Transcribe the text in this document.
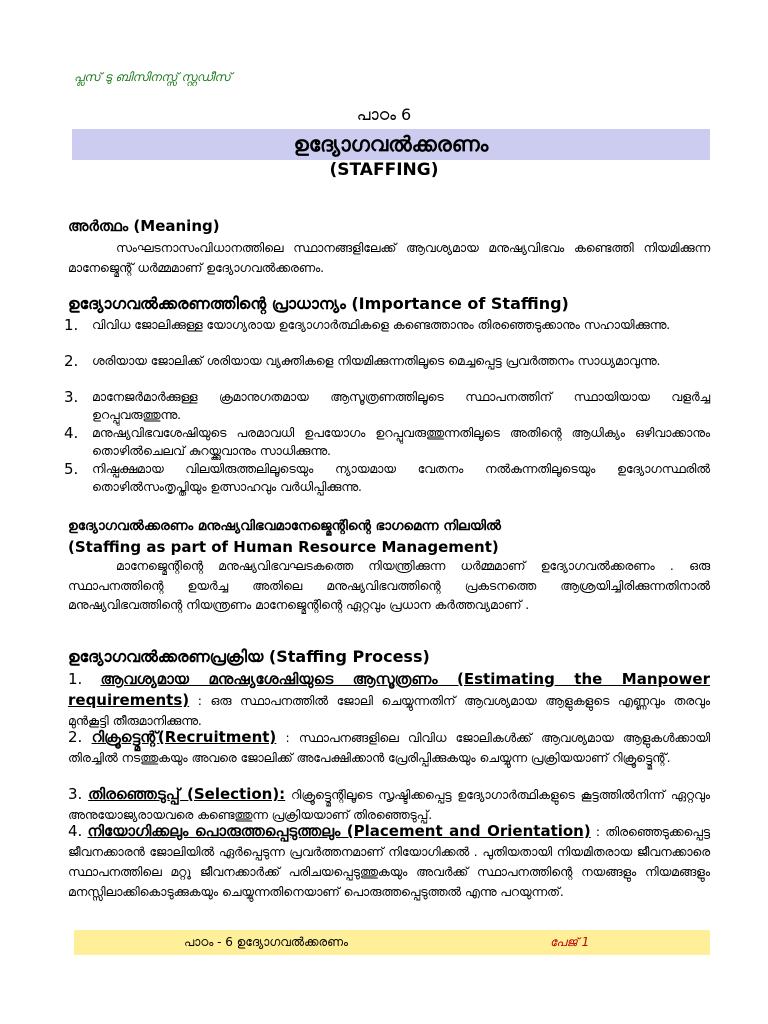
പ്ലസ് ടു ബിസിനസ്സ് സ്റ്റഡീസ്
പാഠം 6
ഉദ്യോഗവൽക്കരണം
(STAFFING)
അർത്ഥം (Meaning)
സംഘടനാസംവിധാനത്തിലെ സ്ഥാനങ്ങളിലേക്ക് ആവശ്യമായ മനുഷ്യവിഭവം കണ്ടെത്തി നിയമിക്കുന്ന മാനേജ്മെന്റ് ധർമ്മമാണ് ഉദ്യോഗവൽക്കരണം.
ഉദ്യോഗവൽക്കരണത്തിന്റെ പ്രാധാന്യം (Importance of Staffing)
1. വിവിധ ജോലിക്കുള്ള യോഗ്യരായ ഉദ്യോഗാർത്ഥികളെ കണ്ടെത്താനും തിരഞ്ഞെടുക്കാനും സഹായിക്കുന്നു.
2. ശരിയായ ജോലിക്ക് ശരിയായ വ്യക്തികളെ നിയമിക്കുന്നതിലൂടെ മെച്ചപ്പെട്ട പ്രവർത്തനം സാധ്യമാവുന്നു.
3. മാനേജർമാർക്കുള്ള ക്രമാനുഗതമായ ആസൂത്രണത്തിലൂടെ സ്ഥാപനത്തിന് സ്ഥായിയായ വളർച്ച ഉറപ്പുവരുത്തുന്നു.
4. മനുഷ്യവിഭവശേഷിയുടെ പരമാവധി ഉപയോഗം ഉറപ്പുവരുത്തുന്നതിലൂടെ അതിന്റെ ആധിക്യം ഒഴിവാക്കാനും തൊഴിൽചെലവ് കുറയ്ക്കുവാനും സാധിക്കുന്നു.
5. നിഷ്പക്ഷമായ വിലയിരുത്തലിലൂടെയും ന്യായമായ വേതനം നൽകുന്നതിലൂടെയും ഉദ്യോഗസ്ഥരിൽ തൊഴിൽസംതൃപ്തിയും ഉത്സാഹവും വർധിപ്പിക്കുന്നു.
ഉദ്യോഗവൽക്കരണം മനുഷ്യവിഭവമാനേജ്മെന്റിന്റെ ഭാഗമെന്ന നിലയിൽ
(Staffing as part of Human Resource Management)
മാനേജ്മെന്റിന്റെ മനുഷ്യവിഭവഘടകത്തെ നിയന്ത്രിക്കുന്ന ധർമ്മമാണ് ഉദ്യോഗവൽക്കരണം . ഒരു സ്ഥാപനത്തിന്റെ ഉയർച്ച അതിലെ മനുഷ്യവിഭവത്തിന്റെ പ്രകടനത്തെ ആശ്രയിച്ചിരിക്കുന്നതിനാൽ മനുഷ്യവിഭവത്തിന്റെ നിയന്ത്രണം മാനേജ്മെന്റിന്റെ ഏറ്റവും പ്രധാന കർത്തവ്യമാണ് .
ഉദ്യോഗവൽക്കരണപ്രക്രിയ (Staffing Process)
1. ആവശ്യമായ മനുഷ്യശേഷിയുടെ ആസൂത്രണം (Estimating the Manpower requirements) : ഒരു സ്ഥാപനത്തിൽ ജോലി ചെയ്യുന്നതിന് ആവശ്യമായ ആളുകളുടെ എണ്ണവും തരവും മുൻകൂട്ടി തീരുമാനിക്കുന്നു.
2. റിക്രൂട്ട്മെന്റ്(Recruitment) : സ്ഥാപനങ്ങളിലെ വിവിധ ജോലികൾക്ക് ആവശ്യമായ ആളുകൾക്കായി തിരച്ചിൽ നടത്തുകയും അവരെ ജോലിക്ക് അപേക്ഷിക്കാൻ പ്രേരിപ്പിക്കുകയും ചെയ്യുന്ന പ്രക്രിയയാണ് റിക്രൂട്ട്മെന്റ്.
3. തിരഞ്ഞെടുപ്പ് (Selection): റിക്രൂട്ട്മെന്റിലൂടെ സൃഷ്ടിക്കപ്പെട്ട ഉദ്യോഗാർത്ഥികളുടെ കൂട്ടത്തിൽനിന്ന് ഏറ്റവും അനുയോജ്യരായവരെ കണ്ടെത്തുന്ന പ്രക്രിയയാണ് തിരഞ്ഞെടുപ്പ്.
4. നിയോഗിക്കലും പൊരുത്തപ്പെടുത്തലും (Placement and Orientation) : തിരഞ്ഞെടുക്കപ്പെട്ട ജീവനക്കാരൻ ജോലിയിൽ ഏർപ്പെടുന്ന പ്രവർത്തനമാണ് നിയോഗിക്കൽ . പുതിയതായി നിയമിതരായ ജീവനക്കാരെ സ്ഥാപനത്തിലെ മറ്റു ജീവനക്കാർക്ക് പരിചയപ്പെടുത്തുകയും അവർക്ക് സ്ഥാപനത്തിന്റെ നയങ്ങളും നിയമങ്ങളും മനസ്സിലാക്കികൊടുക്കുകയും ചെയ്യുന്നതിനെയാണ് പൊരുത്തപ്പെടുത്തൽ എന്നു പറയുന്നത്.
പാഠം - 6 ഉദ്യോഗവൽക്കരണം	പേജ് 1
